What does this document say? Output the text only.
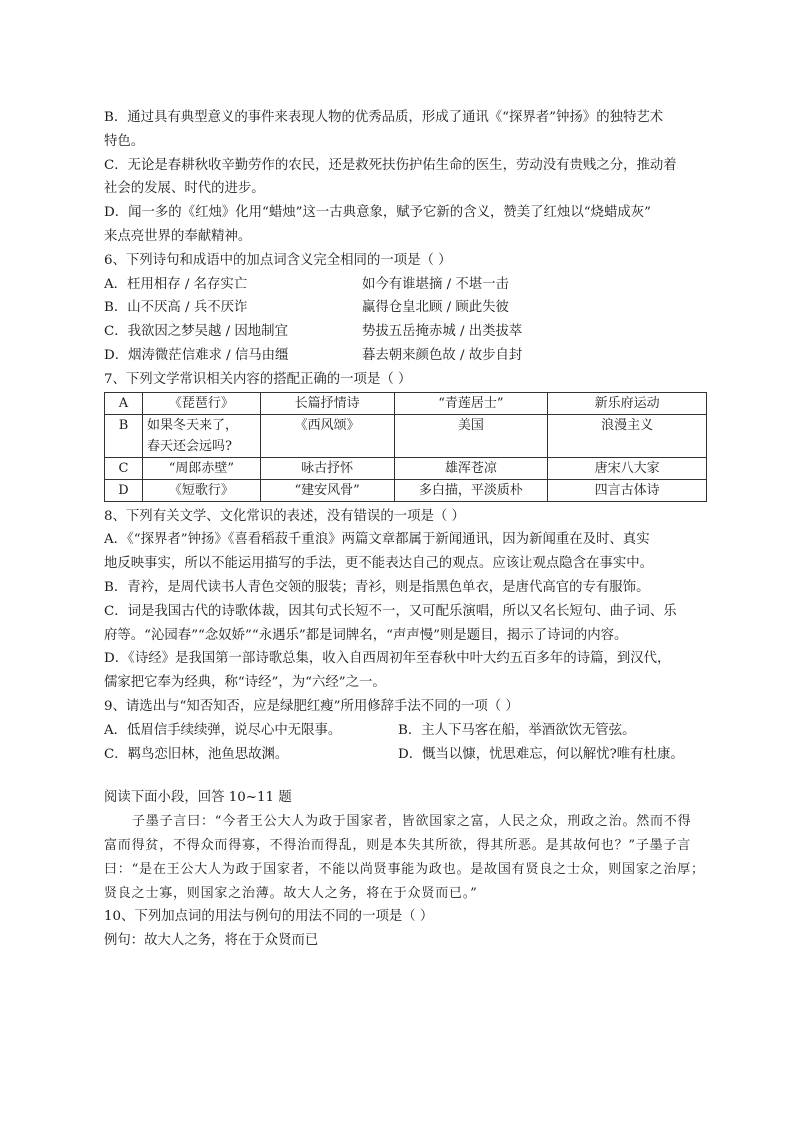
B．通过具有典型意义的事件来表现人物的优秀品质，形成了通讯《“探界者”钟扬》的独特艺术

特色。

C．无论是春耕秋收辛勤劳作的农民，还是救死扶伤护佑生命的医生，劳动没有贵贱之分，推动着

社会的发展、时代的进步。

D．闻一多的《红烛》化用“蜡烛”这一古典意象，赋予它新的含义，赞美了红烛以“烧蜡成灰”

来点亮世界的奉献精神。

6、下列诗句和成语中的加点词含义完全相同的一项是（ ）

A．枉用相存 / 名存实亡	如今有谁堪摘 / 不堪一击
B．山不厌高 / 兵不厌诈	赢得仓皇北顾 / 顾此失彼
C．我欲因之梦吴越 / 因地制宜	势拔五岳掩赤城 / 出类拔萃
D．烟涛微茫信难求 / 信马由缰	暮去朝来颜色故 / 故步自封

7、下列文学常识相关内容的搭配正确的一项是（ ）

A	《琵琶行》	长篇抒情诗	“青莲居士”	新乐府运动
B	如果冬天来了，
春天还会远吗?	《西风颂》	美国	浪漫主义
C	“周郎赤壁”	咏古抒怀	雄浑苍凉	唐宋八大家
D	《短歌行》	“建安风骨”	多白描，平淡质朴	四言古体诗

8、下列有关文学、文化常识的表述，没有错误的一项是（ ）

A．《“探界者”钟扬》《喜看稻菽千重浪》两篇文章都属于新闻通讯，因为新闻重在及时、真实

地反映事实，所以不能运用描写的手法，更不能表达自己的观点。应该让观点隐含在事实中。

B．青衿，是周代读书人青色交领的服装；青衫，则是指黑色单衣，是唐代高官的专有服饰。

C．词是我国古代的诗歌体裁，因其句式长短不一，又可配乐演唱，所以又名长短句、曲子词、乐

府等。“沁园春”“念奴娇”“永遇乐”都是词牌名，“声声慢”则是题目，揭示了诗词的内容。

D．《诗经》是我国第一部诗歌总集，收入自西周初年至春秋中叶大约五百多年的诗篇，到汉代，

儒家把它奉为经典，称“诗经”，为“六经”之一。

9、请选出与“知否知否，应是绿肥红瘦”所用修辞手法不同的一项（ ）

A．低眉信手续续弹，说尽心中无限事。	B．主人下马客在船，举酒欲饮无管弦。
C．羁鸟恋旧林，池鱼思故渊。	D．慨当以慷，忧思难忘，何以解忧?唯有杜康。

阅读下面小段，回答 10~11 题

子墨子言曰：“今者王公大人为政于国家者，皆欲国家之富，人民之众，刑政之治。然而不得

富而得贫，不得众而得寡，不得治而得乱，则是本失其所欲，得其所恶。是其故何也？”子墨子言

曰：“是在王公大人为政于国家者，不能以尚贤事能为政也。是故国有贤良之士众，则国家之治厚；

贤良之士寡，则国家之治薄。故大人之务，将在于众贤而已。”

10、下列加点词的用法与例句的用法不同的一项是（ ）

例句：故大人之务，将在于众贤而已
